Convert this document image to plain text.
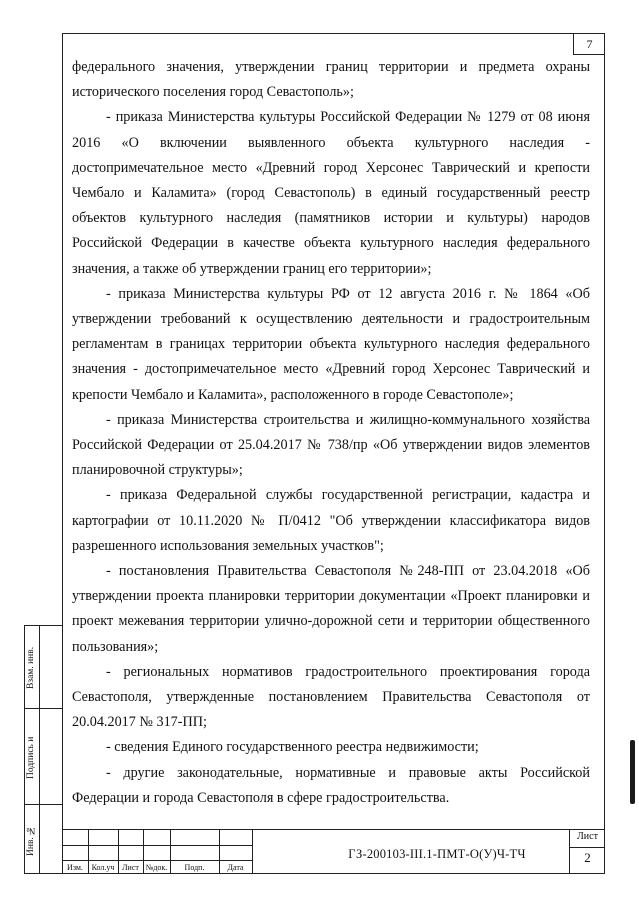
7

федерального значения, утверждении границ территории и предмета охраны исторического поселения город Севастополь»;

- приказа Министерства культуры Российской Федерации № 1279 от 08 июня 2016 «О включении выявленного объекта культурного наследия - достопримечательное место «Древний город Херсонес Таврический и крепости Чембало и Каламита» (город Севастополь) в единый государственный реестр объектов культурного наследия (памятников истории и культуры) народов Российской Федерации в качестве объекта культурного наследия федерального значения, а также об утверждении границ его территории»;

- приказа Министерства культуры РФ от 12 августа 2016 г. № 1864 «Об утверждении требований к осуществлению деятельности и градостроительным регламентам в границах территории объекта культурного наследия федерального значения - достопримечательное место «Древний город Херсонес Таврический и крепости Чембало и Каламита», расположенного в городе Севастополе»;

- приказа Министерства строительства и жилищно-коммунального хозяйства Российской Федерации от 25.04.2017 № 738/пр «Об утверждении видов элементов планировочной структуры»;

- приказа Федеральной службы государственной регистрации, кадастра и картографии от 10.11.2020 № П/0412 "Об утверждении классификатора видов разрешенного использования земельных участков";

- постановления Правительства Севастополя №248-ПП от 23.04.2018 «Об утверждении проекта планировки территории документации «Проект планировки и проект межевания территории улично-дорожной сети и территории общественного пользования»;

- региональных нормативов градостроительного проектирования города Севастополя, утвержденные постановлением Правительства Севастополя от 20.04.2017 № 317-ПП;

- сведения Единого государственного реестра недвижимости;

- другие законодательные, нормативные и правовые акты Российской Федерации и города Севастополя в сфере градостроительства.

Взам. инв.
Подпись и
Инв. №
Изм.	Кол.уч Лист №док.	Подп.	Дата
ГЗ-200103-III.1-ПМТ-О(У)Ч-ТЧ
Лист
2
